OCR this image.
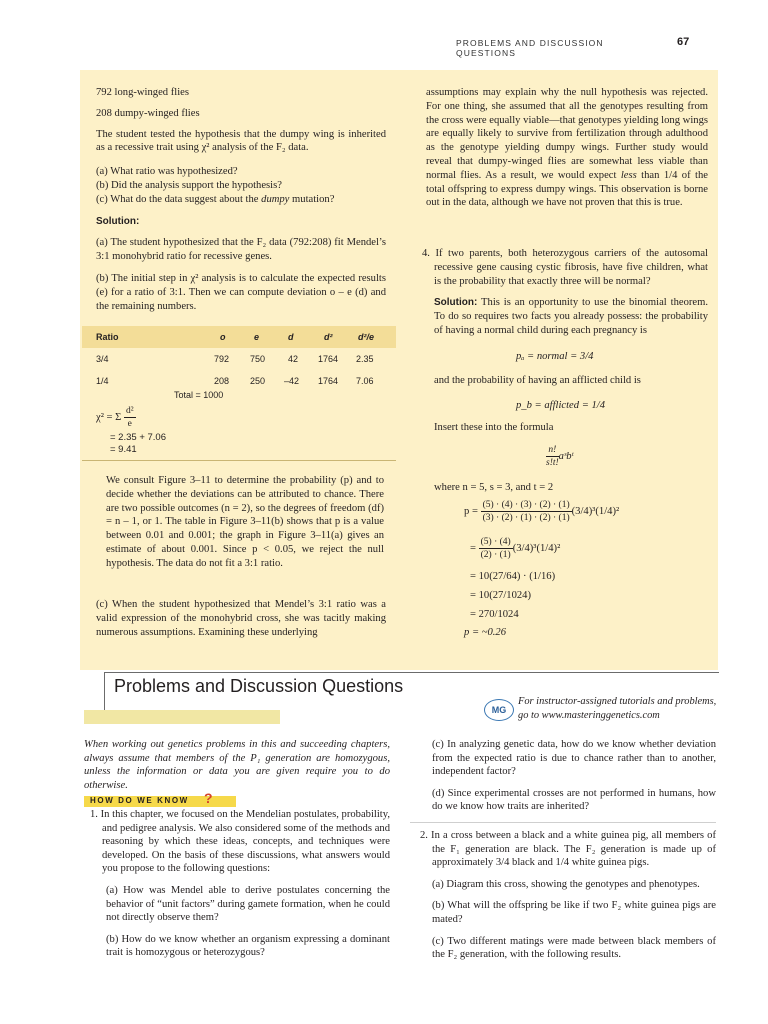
PROBLEMS AND DISCUSSION QUESTIONS
67

792 long-winged flies

208 dumpy-winged flies

The student tested the hypothesis that the dumpy wing is inherited as a recessive trait using χ² analysis of the F₂ data.

(a) What ratio was hypothesized?
(b) Did the analysis support the hypothesis?
(c) What do the data suggest about the dumpy mutation?

Solution:

(a) The student hypothesized that the F₂ data (792:208) fit Mendel’s 3:1 monohybrid ratio for recessive genes.

(b) The initial step in χ² analysis is to calculate the expected results (e) for a ratio of 3:1. Then we can compute deviation o – e (d) and the remaining numbers.

Ratio	o	e	d	d²	d²/e
3/4	792 750	42 1764 2.35
1/4	208 250 –42 1764 7.06
Total = 1000
χ² = Σ $\frac{\text{d²}}{e}$
= 2.35 + 7.06
= 9.41

We consult Figure 3–11 to determine the probability (p) and to decide whether the deviations can be attributed to chance. There are two possible outcomes (n = 2), so the degrees of freedom (df) = n – 1, or 1. The table in Figure 3–11(b) shows that p is a value between 0.01 and 0.001; the graph in Figure 3–11(a) gives an estimate of about 0.001. Since p < 0.05, we reject the null hypothesis. The data do not fit a 3:1 ratio.

(c) When the student hypothesized that Mendel’s 3:1 ratio was a valid expression of the monohybrid cross, she was tacitly making numerous assumptions. Examining these underlying

assumptions may explain why the null hypothesis was rejected. For one thing, she assumed that all the genotypes resulting from the cross were equally viable—that genotypes yielding long wings are equally likely to survive from fertilization through adulthood as the genotype yielding dumpy wings. Further study would reveal that dumpy-winged flies are somewhat less viable than normal flies. As a result, we would expect less than 1/4 of the total offspring to express dumpy wings. This observation is borne out in the data, although we have not proven that this is true.

4. If two parents, both heterozygous carriers of the autosomal recessive gene causing cystic fibrosis, have five children, what is the probability that exactly three will be normal?

Solution: This is an opportunity to use the binomial theorem. To do so requires two facts you already possess: the probability of having a normal child during each pregnancy is

pₐ = normal = 3/4
and the probability of having an afflicted child is
p_b = afflicted = 1/4
Insert these into the formula
$\frac{n!}{s!t!}$ aˢbᵗ
where n = 5, s = 3, and t = 2
$p = \frac{(5) \cdot (4) \cdot (3) \cdot (2) \cdot (1)}{(3) \cdot (2) \cdot (1) \cdot (2) \cdot (1)} (3/4)^3(1/4)^2$
= $\frac{(5) \cdot (4)}{(2) \cdot (1)} (3/4)^3(1/4)^2$
= 10(27/64) · (1/16)
= 10(27/1024)
= 270/1024
p = ~0.26
Problems and Discussion Questions
MG
For instructor-assigned tutorials and problems, go to www.masteringgenetics.com
When working out genetics problems in this and succeeding chapters, always assume that members of the P₁ generation are homozygous, unless the information or data you are given require you to do otherwise.
HOW DO WE KNOW ?

1. In this chapter, we focused on the Mendelian postulates, probability, and pedigree analysis. We also considered some of the methods and reasoning by which these ideas, concepts, and techniques were developed. On the basis of these discussions, what answers would you propose to the following questions:

(a) How was Mendel able to derive postulates concerning the behavior of “unit factors” during gamete formation, when he could not directly observe them?

(b) How do we know whether an organism expressing a dominant trait is homozygous or heterozygous?

(c) In analyzing genetic data, how do we know whether deviation from the expected ratio is due to chance rather than to another, independent factor?

(d) Since experimental crosses are not performed in humans, how do we know how traits are inherited?

2. In a cross between a black and a white guinea pig, all members of the F₁ generation are black. The F₂ generation is made up of approximately 3/4 black and 1/4 white guinea pigs.

(a) Diagram this cross, showing the genotypes and phenotypes.

(b) What will the offspring be like if two F₂ white guinea pigs are mated?

(c) Two different matings were made between black members of the F₂ generation, with the following results.
